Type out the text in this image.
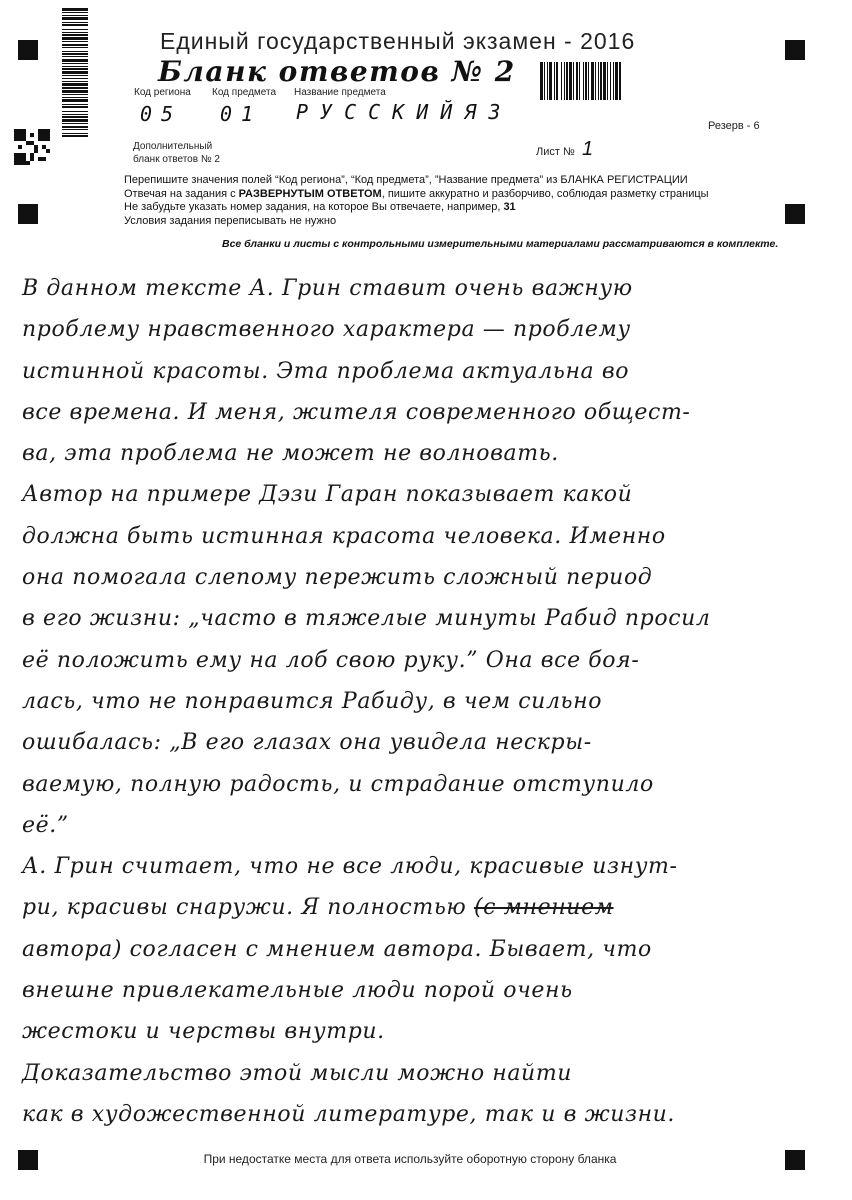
Единый государственный экзамен - 2016
Бланк ответов № 2
Код региона Код предмета Название предмета
05 01 РУССКИЙЯЗ
Резерв - 6
Дополнительный бланк ответов № 2
Лист № 1
Перепишите значения полей “Код региона”, “Код предмета”, ”Название предмета” из БЛАНКА РЕГИСТРАЦИИ
Отвечая на задания с РАЗВЕРНУТЫМ ОТВЕТОМ, пишите аккуратно и разборчиво, соблюдая разметку страницы
Не забудьте указать номер задания, на которое Вы отвечаете, например, 31
Условия задания переписывать не нужно
Все бланки и листы с контрольными измерительными материалами рассматриваются в комплекте.
В данном тексте А. Грин ставит очень важную
проблему нравственного характера — проблему
истинной красоты. Эта проблема актуальна во
все времена. И меня, жителя современного общест-
ва, эта проблема не может не волновать.
Автор на примере Дэзи Гаран показывает какой
должна быть истинная красота человека. Именно
она помогала слепому пережить сложный период
в его жизни: „часто в тяжелые минуты Рабид просил
её положить ему на лоб свою руку.” Она все боя-
лась, что не понравится Рабиду, в чем сильно
ошибалась: „В его глазах она увидела нескры-
ваемую, полную радость, и страдание отступило
её.”
А. Грин считает, что не все люди, красивые изнут-
ри, красивы снаружи. Я полностью (с мнением
автора) согласен с мнением автора. Бывает, что
внешне привлекательные люди порой очень
жестоки и черствы внутри.
Доказательство этой мысли можно найти
как в художественной литературе, так и в жизни.
При недостатке места для ответа используйте оборотную сторону бланка
